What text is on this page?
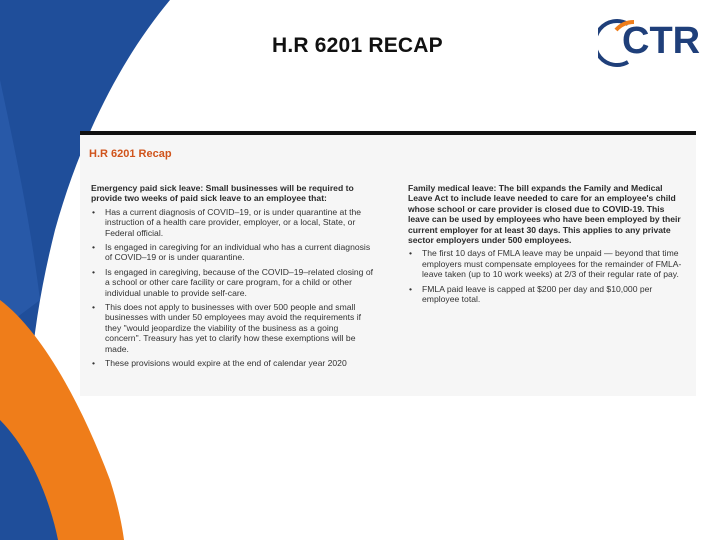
H.R 6201 RECAP	CTR
H.R 6201 Recap
Emergency paid sick leave: Small businesses will be required to provide two weeks of paid sick leave to an employee that:
• Has a current diagnosis of COVID–19, or is under quarantine at the instruction of a health care provider, employer, or a local, State, or Federal official.
• Is engaged in caregiving for an individual who has a current diagnosis of COVID–19 or is under quarantine.
• Is engaged in caregiving, because of the COVID–19–related closing of a school or other care facility or care program, for a child or other individual unable to provide self-care.
• This does not apply to businesses with over 500 people and small businesses with under 50 employees may avoid the requirements if they "would jeopardize the viability of the business as a going concern". Treasury has yet to clarify how these exemptions will be made.
• These provisions would expire at the end of calendar year 2020
Family medical leave: The bill expands the Family and Medical Leave Act to include leave needed to care for an employee's child whose school or care provider is closed due to COVID-19. This leave can be used by employees who have been employed by their current employer for at least 30 days. This applies to any private sector employers under 500 employees.
• The first 10 days of FMLA leave may be unpaid — beyond that time employers must compensate employees for the remainder of FMLA-leave taken (up to 10 work weeks) at 2/3 of their regular rate of pay.
• FMLA paid leave is capped at $200 per day and $10,000 per employee total.
